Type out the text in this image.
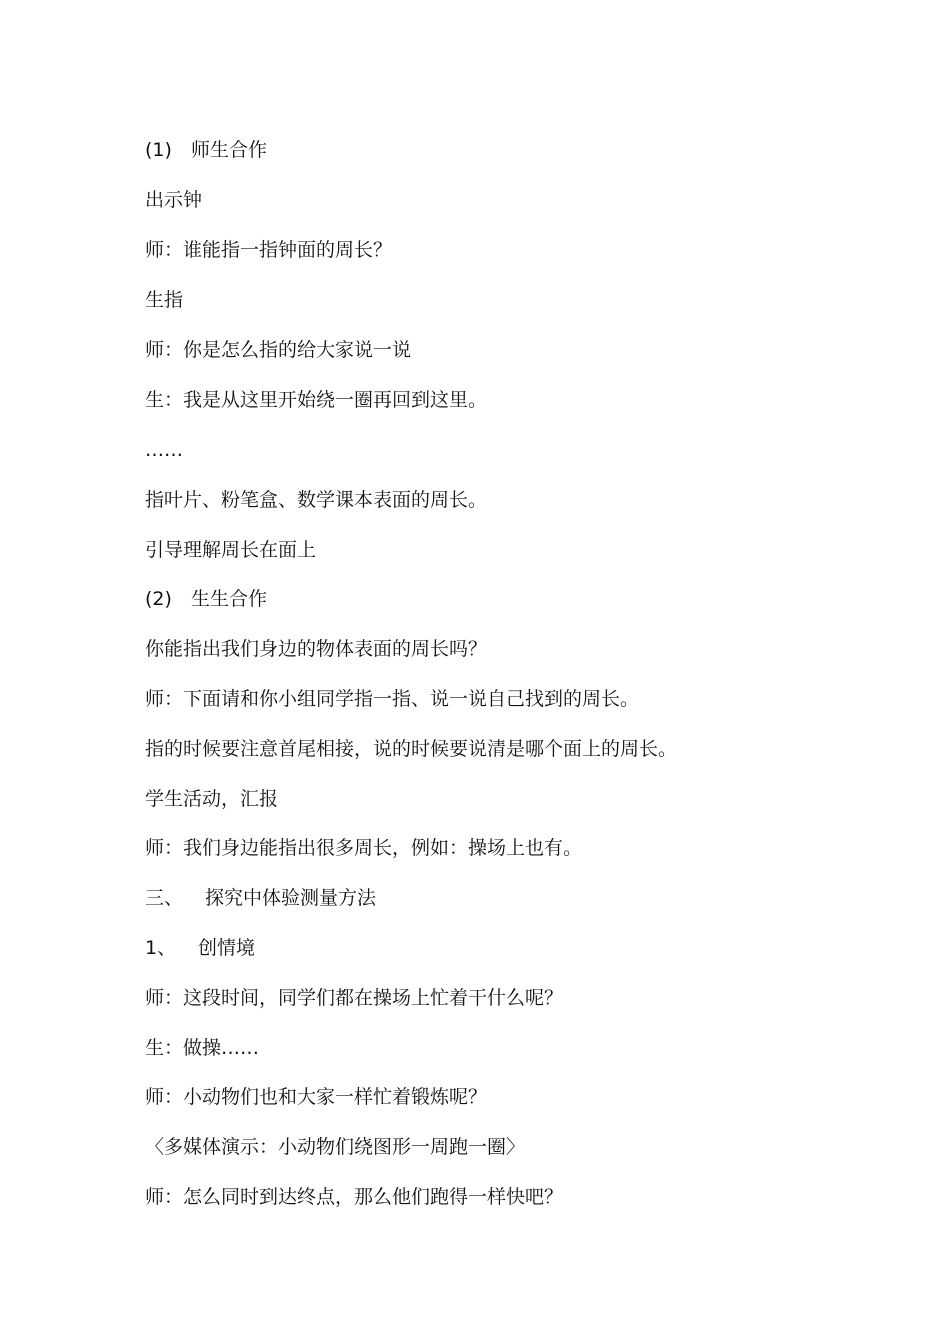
(1) 师生合作
出示钟
师：谁能指一指钟面的周长？
生指
师：你是怎么指的给大家说一说
生：我是从这里开始绕一圈再回到这里。
……
指叶片、粉笔盒、数学课本表面的周长。
引导理解周长在面上
(2) 生生合作
你能指出我们身边的物体表面的周长吗？
师：下面请和你小组同学指一指、说一说自己找到的周长。
指的时候要注意首尾相接，说的时候要说清是哪个面上的周长。
学生活动，汇报
师：我们身边能指出很多周长，例如：操场上也有。
三、 探究中体验测量方法
1、 创情境
师：这段时间，同学们都在操场上忙着干什么呢？
生：做操……
师：小动物们也和大家一样忙着锻炼呢？
〈多媒体演示：小动物们绕图形一周跑一圈〉
师：怎么同时到达终点，那么他们跑得一样快吧？
